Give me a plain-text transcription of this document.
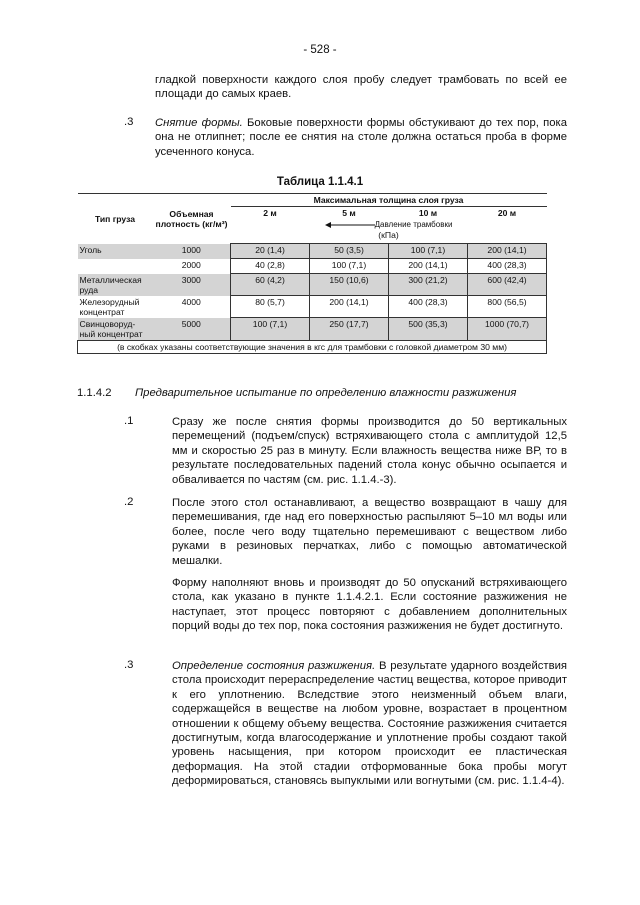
- 528 -

гладкой поверхности каждого слоя пробу следует трамбовать по всей ее площади до самых краев.

.3 Снятие формы. Боковые поверхности формы обстукивают до тех пор, пока она не отлипнет; после ее снятия на столе должна остаться проба в форме усеченного конуса.

Таблица 1.1.4.1
Тип груза	Объемная плотность (кг/м³)	Максимальная толщина слоя груза			
		2 м	5 м	10 м	20 м

		Давление трамбовки
(кПа)			

Уголь	1000	20 (1,4)	50 (3,5)	100 (7,1)	200 (14,1)
	2000	40 (2,8)	100 (7,1)	200 (14,1)	400 (28,3)
Металлическая руда	3000	60 (4,2)	150 (10,6)	300 (21,2)	600 (42,4)
Железорудный концентрат	4000	80 (5,7)	200 (14,1)	400 (28,3)	800 (56,5)
Свинцоворуд-ный концентрат	5000	100 (7,1)	250 (17,7)	500 (35,3)	1000 (70,7)
(в скобках указаны соответствующие значения в кгс для трамбовки с головкой диаметром 30 мм)					
1.1.4.2 Предварительное испытание по определению влажности разжижения
.1	Сразу же после снятия формы производится до 50 вертикальных перемещений (подъем/спуск) встряхивающего стола с амплитудой 12,5 мм и скоростью 25 раз в минуту. Если влажность вещества ниже ВР, то в результате последовательных падений стола конус обычно осыпается и обваливается по частям (см. рис. 1.1.4.-3).

.2	После этого стол останавливают, а вещество возвращают в чашу для перемешивания, где над его поверхностью распыляют 5–10 мл воды или более, после чего воду тщательно перемешивают с веществом либо руками в резиновых перчатках, либо с помощью автоматической мешалки.

Форму наполняют вновь и производят до 50 опусканий встряхивающего стола, как указано в пункте 1.1.4.2.1. Если состояние разжижения не наступает, этот процесс повторяют с добавлением дополнительных порций воды до тех пор, пока состояния разжижения не будет достигнуто.

.3	Определение состояния разжижения. В результате ударного воздействия стола происходит перераспределение частиц вещества, которое приводит к его уплотнению. Вследствие этого неизменный объем влаги, содержащейся в веществе на любом уровне, возрастает в процентном отношении к общему объему вещества. Состояние разжижения считается достигнутым, когда влагосодержание и уплотнение пробы создают такой уровень насыщения, при котором происходит ее пластическая деформация. На этой стадии отформованные бока пробы могут деформироваться, становясь выпуклыми или вогнутыми (см. рис. 1.1.4-4).
